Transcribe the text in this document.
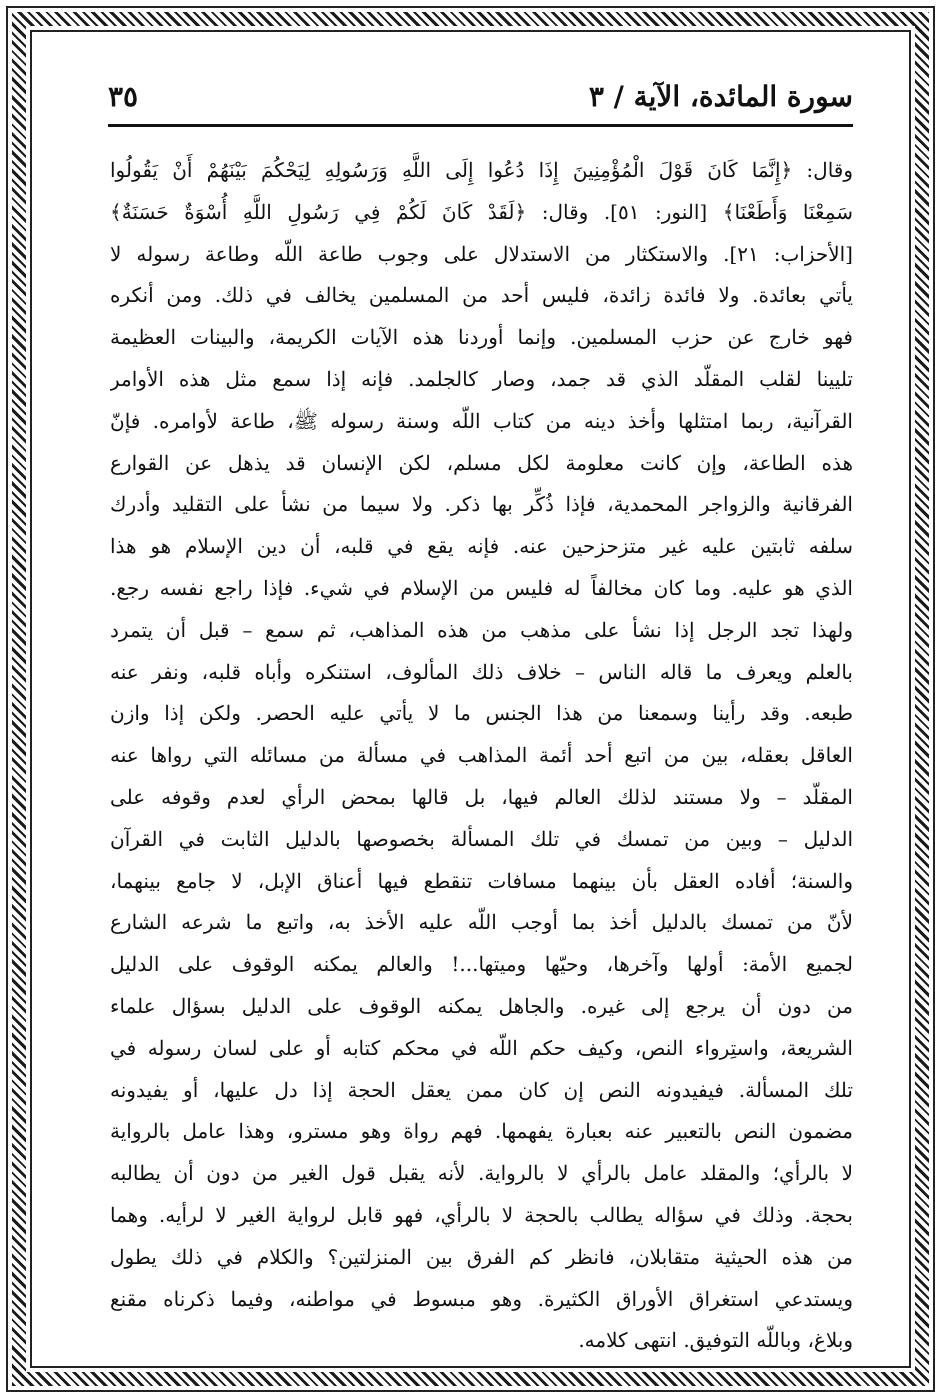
سورة المائدة، الآية / ٣
٣٥
وقال: ﴿إِنَّمَا كَانَ قَوْلَ الْمُؤْمِنِينَ إِذَا دُعُوا إِلَى اللَّهِ وَرَسُولِهِ لِيَحْكُمَ بَيْنَهُمْ أَنْ يَقُولُوا
سَمِعْنَا وَأَطَعْنَا﴾ [النور: ٥١]. وقال: ﴿لَقَدْ كَانَ لَكُمْ فِي رَسُولِ اللَّهِ أُسْوَةٌ حَسَنَةٌ﴾
[الأحزاب: ٢١]. والاستكثار من الاستدلال على وجوب طاعة اللّه وطاعة رسوله لا
يأتي بعائدة. ولا فائدة زائدة، فليس أحد من المسلمين يخالف في ذلك. ومن أنكره
فهو خارج عن حزب المسلمين. وإنما أوردنا هذه الآيات الكريمة، والبينات العظيمة
تليينا لقلب المقلّد الذي قد جمد، وصار كالجلمد. فإنه إذا سمع مثل هذه الأوامر
القرآنية، ربما امتثلها وأخذ دينه من كتاب اللّه وسنة رسوله ﷺ، طاعة لأوامره. فإنّ
هذه الطاعة، وإن كانت معلومة لكل مسلم، لكن الإنسان قد يذهل عن القوارع
الفرقانية والزواجر المحمدية، فإذا ذُكِّر بها ذكر. ولا سيما من نشأ على التقليد وأدرك
سلفه ثابتين عليه غير متزحزحين عنه. فإنه يقع في قلبه، أن دين الإسلام هو هذا
الذي هو عليه. وما كان مخالفاً له فليس من الإسلام في شيء. فإذا راجع نفسه رجع.
ولهذا تجد الرجل إذا نشأ على مذهب من هذه المذاهب، ثم سمع – قبل أن يتمرد
بالعلم ويعرف ما قاله الناس – خلاف ذلك المألوف، استنكره وأباه قلبه، ونفر عنه
طبعه. وقد رأينا وسمعنا من هذا الجنس ما لا يأتي عليه الحصر. ولكن إذا وازن
العاقل بعقله، بين من اتبع أحد أئمة المذاهب في مسألة من مسائله التي رواها عنه
المقلّد – ولا مستند لذلك العالم فيها، بل قالها بمحض الرأي لعدم وقوفه على
الدليل – وبين من تمسك في تلك المسألة بخصوصها بالدليل الثابت في القرآن
والسنة؛ أفاده العقل بأن بينهما مسافات تنقطع فيها أعناق الإبل، لا جامع بينهما،
لأنّ من تمسك بالدليل أخذ بما أوجب اللّه عليه الأخذ به، واتبع ما شرعه الشارع
لجميع الأمة: أولها وآخرها، وحيّها وميتها...! والعالم يمكنه الوقوف على الدليل
من دون أن يرجع إلى غيره. والجاهل يمكنه الوقوف على الدليل بسؤال علماء
الشريعة، واستِرواء النص، وكيف حكم اللّه في محكم كتابه أو على لسان رسوله في
تلك المسألة. فيفيدونه النص إن كان ممن يعقل الحجة إذا دل عليها، أو يفيدونه
مضمون النص بالتعبير عنه بعبارة يفهمها. فهم رواة وهو مسترو، وهذا عامل بالرواية
لا بالرأي؛ والمقلد عامل بالرأي لا بالرواية. لأنه يقبل قول الغير من دون أن يطالبه
بحجة. وذلك في سؤاله يطالب بالحجة لا بالرأي، فهو قابل لرواية الغير لا لرأيه. وهما
من هذه الحيثية متقابلان، فانظر كم الفرق بين المنزلتين؟ والكلام في ذلك يطول
ويستدعي استغراق الأوراق الكثيرة. وهو مبسوط في مواطنه، وفيما ذكرناه مقنع
وبلاغ، وباللّه التوفيق. انتهى كلامه.
